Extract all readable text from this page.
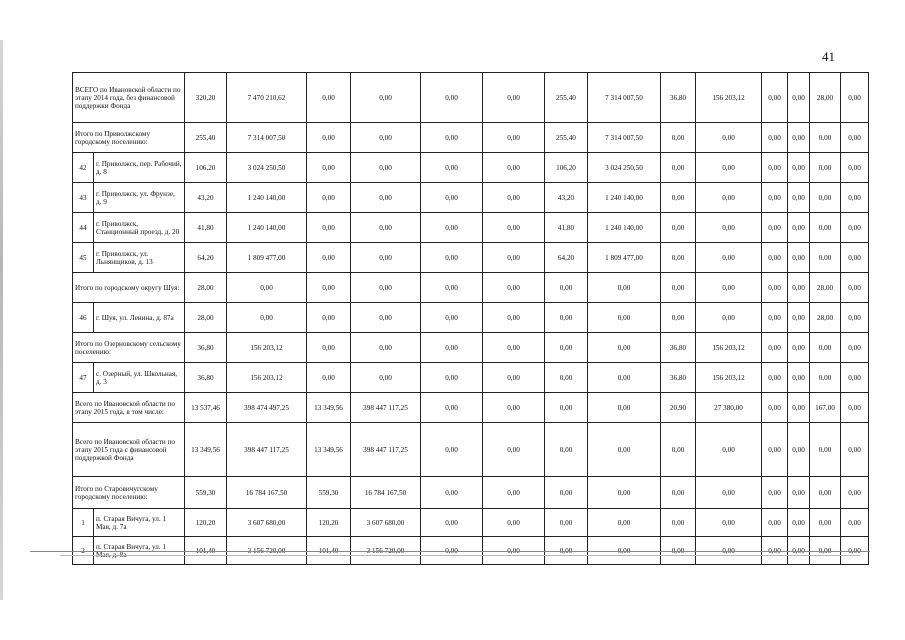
41
ВСЕГО по Ивановской области по этапу 2014 года, без финансовой поддержки Фонда		320,20	7 470 210,62	0,00	0,00	0,00	0,00	255,40	7 314 007,50	36,80	156 203,12	0,00	0,00	28,00	0,00
Итого по Приволжскому городскому поселению:		255,40	7 314 007,50	0,00	0,00	0,00	0,00	255,40	7 314 007,50	0,00	0,00	0,00	0,00	0,00	0,00
42	г. Приволжск, пер. Рабочий, д. 8	106,20	3 024 250,50	0,00	0,00	0,00	0,00	106,20	3 024 250,50	0,00	0,00	0,00	0,00	0,00	0,00
43	г. Приволжск, ул. Фрунзе, д. 9	43,20	1 240 140,00	0,00	0,00	0,00	0,00	43,20	1 240 140,00	0,00	0,00	0,00	0,00	0,00	0,00
44	г. Приволжск, Станционный проезд, д. 20	41,80	1 240 140,00	0,00	0,00	0,00	0,00	41,80	1 240 140,00	0,00	0,00	0,00	0,00	0,00	0,00
45	г. Приволжск, ул. Льнянщиков, д. 13	64,20	1 809 477,00	0,00	0,00	0,00	0,00	64,20	1 809 477,00	0,00	0,00	0,00	0,00	0,00	0,00
Итого по городскому округу Шуя:		28,00	0,00	0,00	0,00	0,00	0,00	0,00	0,00	0,00	0,00	0,00	0,00	28,00	0,00
46	г. Шуя, ул. Ленина, д. 87а	28,00	0,00	0,00	0,00	0,00	0,00	0,00	0,00	0,00	0,00	0,00	0,00	28,00	0,00
Итого по Озерновскому сельскому поселению:		36,80	156 203,12	0,00	0,00	0,00	0,00	0,00	0,00	36,80	156 203,12	0,00	0,00	0,00	0,00
47	с. Озерный, ул. Школьная, д. 3	36,80	156 203,12	0,00	0,00	0,00	0,00	0,00	0,00	36,80	156 203,12	0,00	0,00	0,00	0,00
Всего по Ивановской области по этапу 2015 года, в том числе:		13 537,46	398 474 497,25	13 349,56	398 447 117,25	0,00	0,00	0,00	0,00	20,90	27 380,00	0,00	0,00	167,00	0,00
Всего по Ивановской области по этапу 2015 года с финансовой поддержкой Фонда		13 349,56	398 447 117,25	13 349,56	398 447 117,25	0,00	0,00	0,00	0,00	0,00	0,00	0,00	0,00	0,00	0,00
Итого по Старовичугскому городскому поселению:		559,30	16 784 167,50	559,30	16 784 167,50	0,00	0,00	0,00	0,00	0,00	0,00	0,00	0,00	0,00	0,00
1	п. Старая Вичуга, ул. 1 Мая, д. 7а	120,20	3 607 680,00	120,20	3 607 680,00	0,00	0,00	0,00	0,00	0,00	0,00	0,00	0,00	0,00	0,00
	п. Старая Вичуга, ул. 1														
